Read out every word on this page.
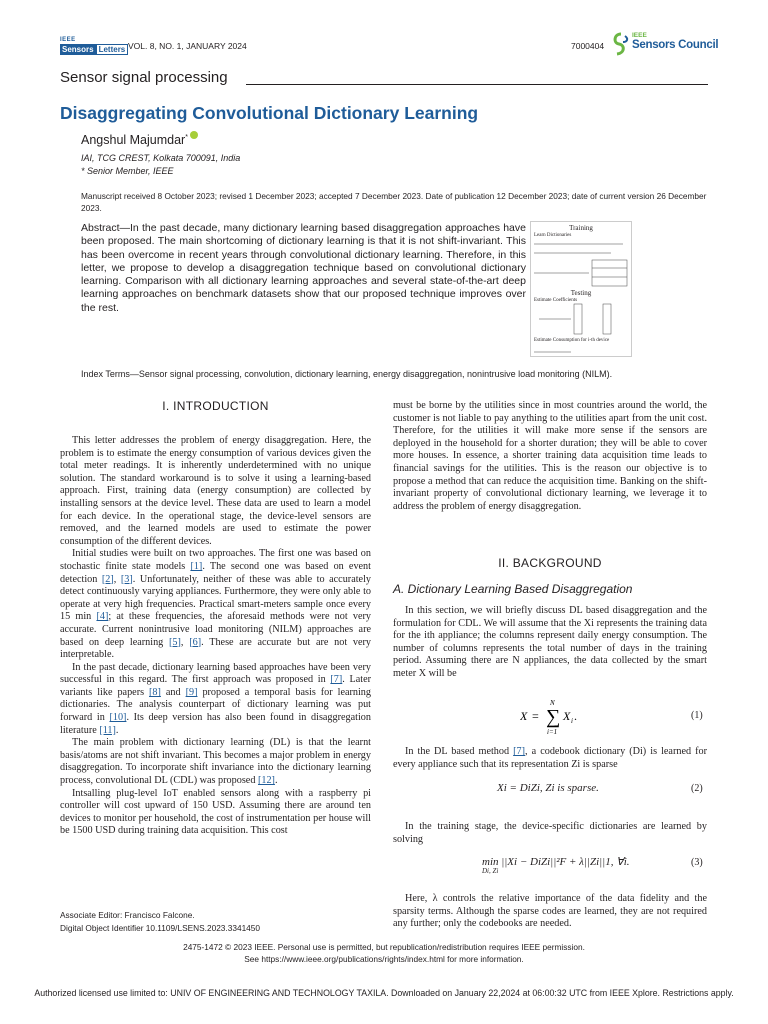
IEEE
Sensors Letters VOL. 8, NO. 1, JANUARY 2024	7000404
IEEE
Sensors Council
Sensor signal processing
Disaggregating Convolutional Dictionary Learning
Angshul Majumdar*
IAI, TCG CREST, Kolkata 700091, India
* Senior Member, IEEE
Manuscript received 8 October 2023; revised 1 December 2023; accepted 7 December 2023. Date of publication 12 December 2023; date of current version 26 December 2023.
Abstract—In the past decade, many dictionary learning based disaggregation approaches have been proposed. The main shortcoming of dictionary learning is that it is not shift-invariant. This has been overcome in recent years through convolutional dictionary learning. Therefore, in this letter, we propose to develop a disaggregation technique based on convolutional dictionary learning. Comparison with all dictionary learning approaches and several state-of-the-art deep learning approaches on benchmark datasets show that our proposed technique improves over the rest.
Training
Learn Dictionaries
Testing
Estimate Coefficients
Estimate Consumption for i-th device
Index Terms—Sensor signal processing, convolution, dictionary learning, energy disaggregation, nonintrusive load monitoring (NILM).
I. INTRODUCTION

This letter addresses the problem of energy disaggregation. Here, the problem is to estimate the energy consumption of various devices given the total meter readings. It is inherently underdetermined with no unique solution. The standard workaround is to solve it using a learning-based approach. First, training data (energy consumption) are collected by installing sensors at the device level. These data are used to learn a model for each device. In the operational stage, the device-level sensors are removed, and the learned models are used to estimate the power consumption of the different devices.

Initial studies were built on two approaches. The first one was based on stochastic finite state models [1]. The second one was based on event detection [2], [3]. Unfortunately, neither of these was able to accurately detect continuously varying appliances. Furthermore, they were only able to operate at very high frequencies. Practical smart-meters sample once every 15 min [4]; at these frequencies, the aforesaid methods were not very accurate. Current nonintrusive load monitoring (NILM) approaches are based on deep learning [5], [6]. These are accurate but are not very interpretable.

In the past decade, dictionary learning based approaches have been very successful in this regard. The first approach was proposed in [7]. Later variants like papers [8] and [9] proposed a temporal basis for learning dictionaries. The analysis counterpart of dictionary learning was put forward in [10]. Its deep version has also been found in disaggregation literature [11].

The main problem with dictionary learning (DL) is that the learnt basis/atoms are not shift invariant. This becomes a major problem in energy disaggregation. To incorporate shift invariance into the dictionary learning process, convolutional DL (CDL) was proposed [12].

Intsalling plug-level IoT enabled sensors along with a raspberry pi controller will cost upward of 150 USD. Assuming there are around ten devices to monitor per household, the cost of instrumentation per house will be 1500 USD during training data acquisition. This cost

must be borne by the utilities since in most countries around the world, the customer is not liable to pay anything to the utilities apart from the unit cost. Therefore, for the utilities it will make more sense if the sensors are deployed in the household for a shorter duration; they will be able to cover more houses. In essence, a shorter training data acquisition time leads to financial savings for the utilities. This is the reason our objective is to propose a method that can reduce the acquisition time. Banking on the shift-invariant property of convolutional dictionary learning, we leverage it to address the problem of energy disaggregation.

II. BACKGROUND
A. Dictionary Learning Based Disaggregation

In this section, we will briefly discuss DL based disaggregation and the formulation for CDL. We will assume that the Xi represents the training data for the ith appliance; the columns represent daily energy consumption. The number of columns represents the total number of days in the training period. Assuming there are N appliances, the data collected by the smart meter X will be

X = ∑
N
i=1
X i .	(1)

In the DL based method [7], a codebook dictionary (Di) is learned for every appliance such that its representation Zi is sparse

Xi = DiZi, Zi is sparse.	(2)

In the training stage, the device-specific dictionaries are learned by solving

min ||Xi − DiZi||²F + λ||Zi||1, ∀i.
Di, Zi
(3)

Here, λ controls the relative importance of the data fidelity and the sparsity terms. Although the sparse codes are learned, they are not required any further; only the codebooks are needed.

Associate Editor: Francisco Falcone.
Digital Object Identifier 10.1109/LSENS.2023.3341450
2475-1472 © 2023 IEEE. Personal use is permitted, but republication/redistribution requires IEEE permission.
See https://www.ieee.org/publications/rights/index.html for more information.
Authorized licensed use limited to: UNIV OF ENGINEERING AND TECHNOLOGY TAXILA. Downloaded on January 22,2024 at 06:00:32 UTC from IEEE Xplore. Restrictions apply.
